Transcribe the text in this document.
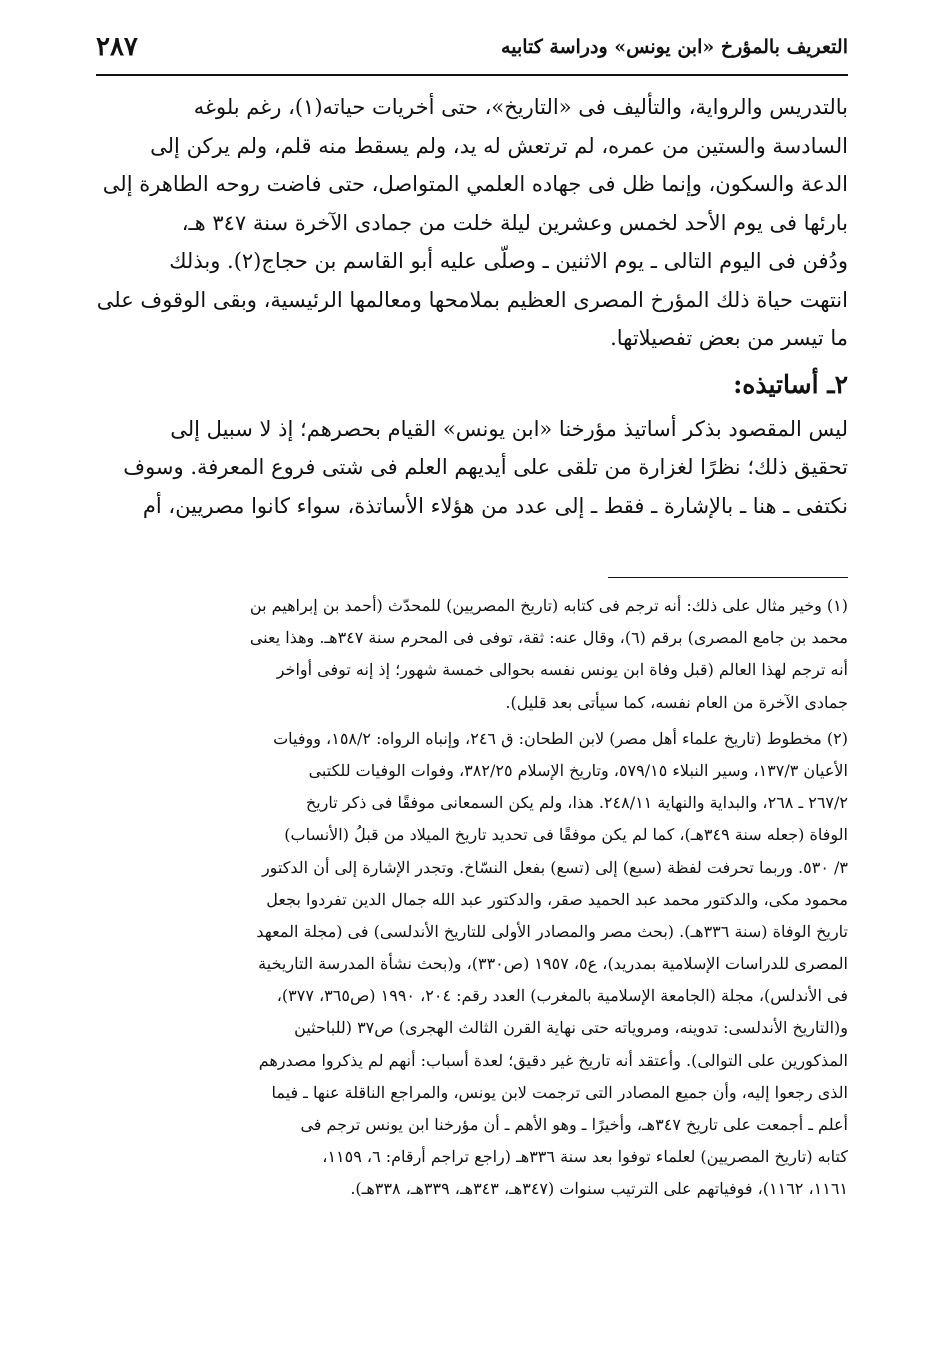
التعريف بالمؤرخ «ابن يونس» ودراسة كتابيه
٢٨٧
بالتدريس والرواية، والتأليف فى «التاريخ»، حتى أخريات حياته(١)، رغم بلوغه
السادسة والستين من عمره، لم ترتعش له يد، ولم يسقط منه قلم، ولم يركن إلى
الدعة والسكون، وإنما ظل فى جهاده العلمي المتواصل، حتى فاضت روحه الطاهرة إلى
بارئها فى يوم الأحد لخمس وعشرين ليلة خلت من جمادى الآخرة سنة ٣٤٧ هـ،
ودُفن فى اليوم التالى ـ يوم الاثنين ـ وصلّى عليه أبو القاسم بن حجاج(٢). وبذلك
انتهت حياة ذلك المؤرخ المصرى العظيم بملامحها ومعالمها الرئيسية، وبقى الوقوف على
ما تيسر من بعض تفصيلاتها.
٢ـ أساتيذه:
ليس المقصود بذكر أساتيذ مؤرخنا «ابن يونس» القيام بحصرهم؛ إذ لا سبيل إلى
تحقيق ذلك؛ نظرًا لغزارة من تلقى على أيديهم العلم فى شتى فروع المعرفة. وسوف
نكتفى ـ هنا ـ بالإشارة ـ فقط ـ إلى عدد من هؤلاء الأساتذة، سواء كانوا مصريين، أم
(١) وخير مثال على ذلك: أنه ترجم فى كتابه (تاريخ المصريين) للمحدّث (أحمد بن إبراهيم بن
محمد بن جامع المصرى) برقم (٦)، وقال عنه: ثقة، توفى فى المحرم سنة ٣٤٧هـ. وهذا يعنى
أنه ترجم لهذا العالم (قبل وفاة ابن يونس نفسه بحوالى خمسة شهور؛ إذ إنه توفى أواخر
جمادى الآخرة من العام نفسه، كما سيأتى بعد قليل).
(٢) مخطوط (تاريخ علماء أهل مصر) لابن الطحان: ق ٢٤٦، وإنباه الرواه: ١٥٨/٢، ووفيات
الأعيان ١٣٧/٣، وسير النبلاء ٥٧٩/١٥، وتاريخ الإسلام ٣٨٢/٢٥، وفوات الوفيات للكتبى
٢٦٧/٢ ـ ٢٦٨، والبداية والنهاية ٢٤٨/١١. هذا، ولم يكن السمعانى موفقًا فى ذكر تاريخ
الوفاة (جعله سنة ٣٤٩هـ)، كما لم يكن موفقًا فى تحديد تاريخ الميلاد من قبلُ (الأنساب)
٣/ ٥٣٠. وربما تحرفت لفظة (سبع) إلى (تسع) بفعل النسّاخ. وتجدر الإشارة إلى أن الدكتور
محمود مكى، والدكتور محمد عبد الحميد صقر، والدكتور عبد الله جمال الدين تفردوا بجعل
تاريخ الوفاة (سنة ٣٣٦هـ). (بحث مصر والمصادر الأولى للتاريخ الأندلسى) فى (مجلة المعهد
المصرى للدراسات الإسلامية بمدريد)، ع٥، ١٩٥٧ (ص٣٣٠)، و(بحث نشأة المدرسة التاريخية
فى الأندلس)، مجلة (الجامعة الإسلامية بالمغرب) العدد رقم: ٢٠٤، ١٩٩٠ (ص٣٦٥، ٣٧٧)،
و(التاريخ الأندلسى: تدوينه، ومروياته حتى نهاية القرن الثالث الهجرى) ص٣٧ (للباحثين
المذكورين على التوالى). وأعتقد أنه تاريخ غير دقيق؛ لعدة أسباب: أنهم لم يذكروا مصدرهم
الذى رجعوا إليه، وأن جميع المصادر التى ترجمت لابن يونس، والمراجع الناقلة عنها ـ فيما
أعلم ـ أجمعت على تاريخ ٣٤٧هـ، وأخيرًا ـ وهو الأهم ـ أن مؤرخنا ابن يونس ترجم فى
كتابه (تاريخ المصريين) لعلماء توفوا بعد سنة ٣٣٦هـ (راجع تراجم أرقام: ٦، ١١٥٩،
١١٦١، ١١٦٢)، فوفياتهم على الترتيب سنوات (٣٤٧هـ، ٣٤٣هـ، ٣٣٩هـ، ٣٣٨هـ).
